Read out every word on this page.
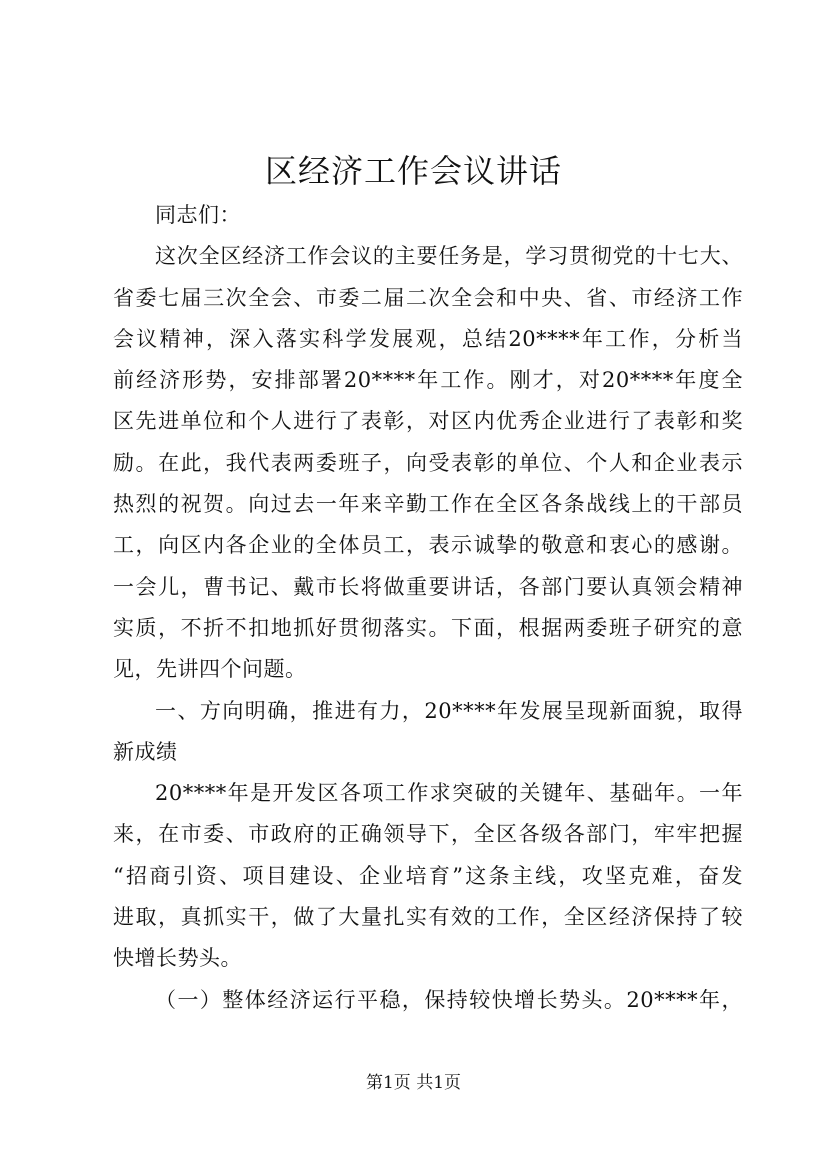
区经济工作会议讲话
同志们：
这次全区经济工作会议的主要任务是，学习贯彻党的十七大、
省委七届三次全会、市委二届二次全会和中央、省、市经济工作
会议精神，深入落实科学发展观，总结20****年工作，分析当
前经济形势，安排部署20****年工作。刚才，对20****年度全
区先进单位和个人进行了表彰，对区内优秀企业进行了表彰和奖
励。在此，我代表两委班子，向受表彰的单位、个人和企业表示
热烈的祝贺。向过去一年来辛勤工作在全区各条战线上的干部员
工，向区内各企业的全体员工，表示诚挚的敬意和衷心的感谢。
一会儿，曹书记、戴市长将做重要讲话，各部门要认真领会精神
实质，不折不扣地抓好贯彻落实。下面，根据两委班子研究的意
见，先讲四个问题。
一、方向明确，推进有力，20****年发展呈现新面貌，取得
新成绩
20****年是开发区各项工作求突破的关键年、基础年。一年
来，在市委、市政府的正确领导下，全区各级各部门，牢牢把握
“招商引资、项目建设、企业培育”这条主线，攻坚克难，奋发
进取，真抓实干，做了大量扎实有效的工作，全区经济保持了较
快增长势头。
（一）整体经济运行平稳，保持较快增长势头。20****年，
第1页 共1页
